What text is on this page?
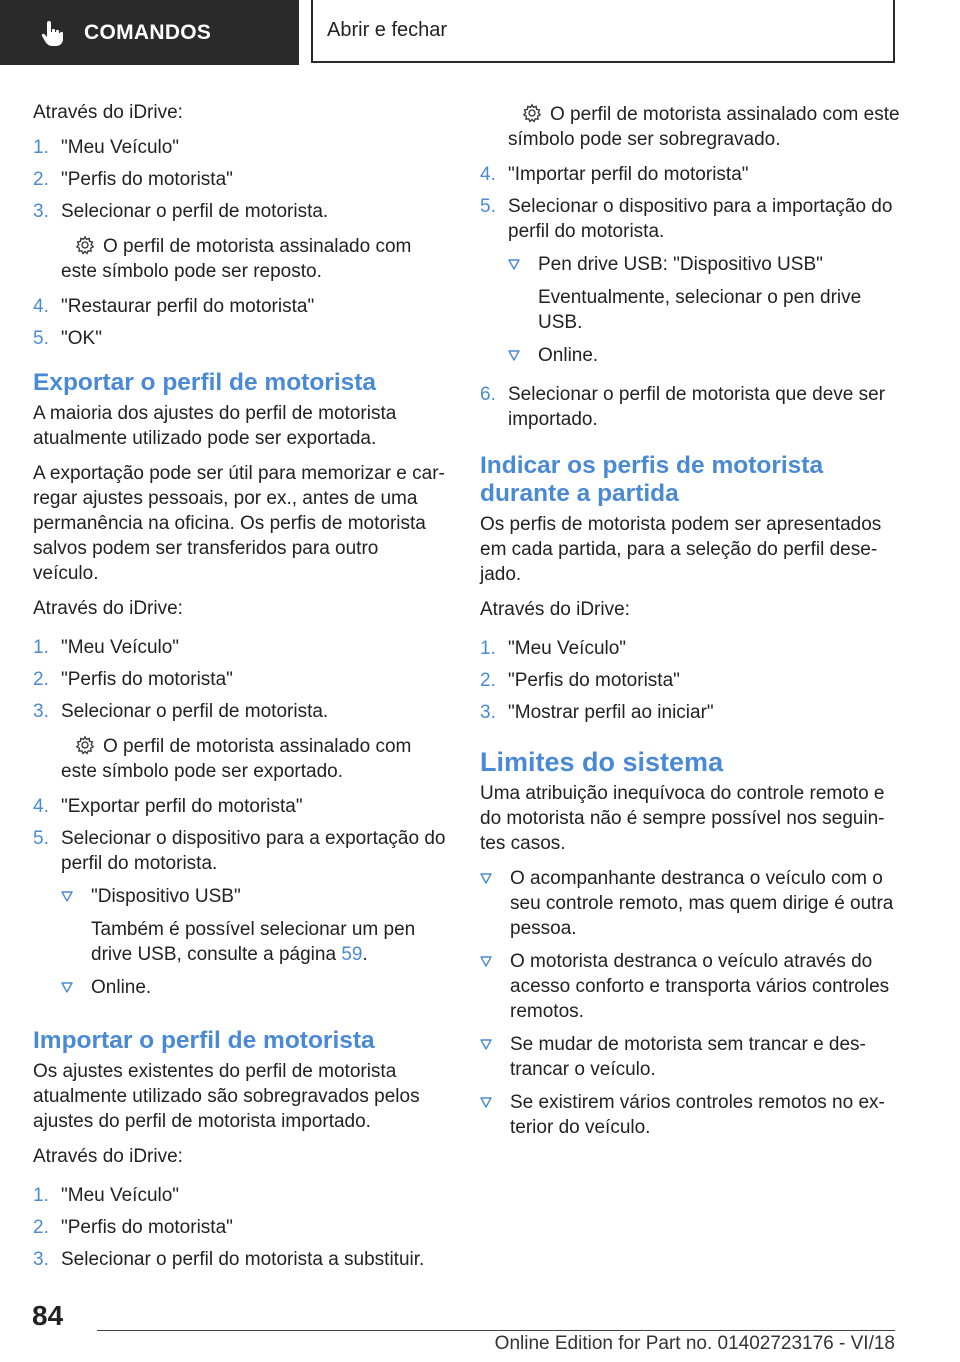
COMANDOS	Abrir e fechar

Através do iDrive:

1. "Meu Veículo"
2. "Perfis do motorista"
3. Selecionar o perfil de motorista.

O perfil de motorista assinalado com este símbolo pode ser reposto.

4. "Restaurar perfil do motorista"
5. "OK"
Exportar o perfil de motorista

A maioria dos ajustes do perfil de motorista atualmente utilizado pode ser exportada.

A exportação pode ser útil para memorizar e carregar ajustes pessoais, por ex., antes de uma permanência na oficina. Os perfis de motorista salvos podem ser transferidos para outro veículo.

Através do iDrive:

1. "Meu Veículo"
2. "Perfis do motorista"
3. Selecionar o perfil de motorista.

O perfil de motorista assinalado com este símbolo pode ser exportado.

4. "Exportar perfil do motorista"
5. Selecionar o dispositivo para a exportação do perfil do motorista.
"Dispositivo USB"
Também é possível selecionar um pen drive USB, consulte a página 59.
Online.
Importar o perfil de motorista

Os ajustes existentes do perfil de motorista atualmente utilizado são sobregravados pelos ajustes do perfil de motorista importado.

Através do iDrive:

1. "Meu Veículo"
2. "Perfis do motorista"
3. Selecionar o perfil do motorista a substituir.

O perfil de motorista assinalado com este símbolo pode ser sobregravado.

4. "Importar perfil do motorista"
5. Selecionar o dispositivo para a importação do perfil do motorista.
Pen drive USB: "Dispositivo USB"
Eventualmente, selecionar o pen drive USB.
Online.
6. Selecionar o perfil de motorista que deve ser importado.
Indicar os perfis de motorista durante a partida

Os perfis de motorista podem ser apresentados em cada partida, para a seleção do perfil desejado.

Através do iDrive:

1. "Meu Veículo"
2. "Perfis do motorista"
3. "Mostrar perfil ao iniciar"
Limites do sistema

Uma atribuição inequívoca do controle remoto e do motorista não é sempre possível nos seguintes casos.

O acompanhante destranca o veículo com o seu controle remoto, mas quem dirige é outra pessoa.
O motorista destranca o veículo através do acesso conforto e transporta vários controles remotos.
Se mudar de motorista sem trancar e destrancar o veículo.
Se existirem vários controles remotos no exterior do veículo.
84
Online Edition for Part no. 01402723176 - VI/18
